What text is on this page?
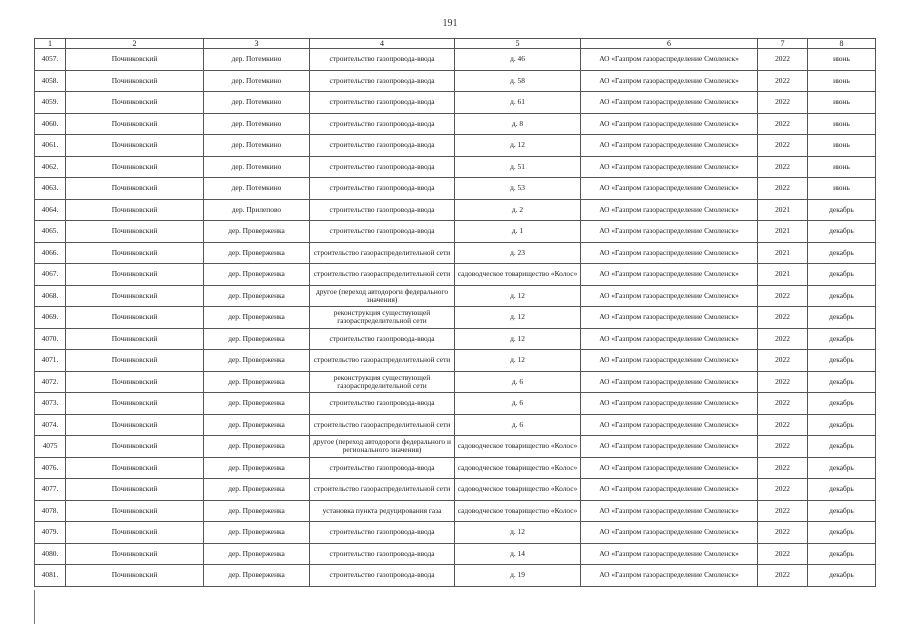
191
1	2	3	4	5	6	7	8
4057.	Починковский	дер. Потемкино	строительство газопровода-ввода	д. 46	АО «Газпром газораспределение Смоленск»	2022	июнь
4058.	Починковский	дер. Потемкино	строительство газопровода-ввода	д. 58	АО «Газпром газораспределение Смоленск»	2022	июнь
4059.	Починковский	дер. Потемкино	строительство газопровода-ввода	д. 61	АО «Газпром газораспределение Смоленск»	2022	июнь
4060.	Починковский	дер. Потемкино	строительство газопровода-ввода	д. 8	АО «Газпром газораспределение Смоленск»	2022	июнь
4061.	Починковский	дер. Потемкино	строительство газопровода-ввода	д. 12	АО «Газпром газораспределение Смоленск»	2022	июнь
4062.	Починковский	дер. Потемкино	строительство газопровода-ввода	д. 51	АО «Газпром газораспределение Смоленск»	2022	июнь
4063.	Починковский	дер. Потемкино	строительство газопровода-ввода	д. 53	АО «Газпром газораспределение Смоленск»	2022	июнь
4064.	Починковский	дер. Прилепово	строительство газопровода-ввода	д. 2	АО «Газпром газораспределение Смоленск»	2021	декабрь
4065.	Починковский	дер. Проверженка	строительство газопровода-ввода	д. 1	АО «Газпром газораспределение Смоленск»	2021	декабрь
4066.	Починковский	дер. Проверженка	строительство газораспределительной сети	д. 23	АО «Газпром газораспределение Смоленск»	2021	декабрь
4067.	Починковский	дер. Проверженка	строительство газораспределительной сети	садоводческое товарищество «Колос»	АО «Газпром газораспределение Смоленск»	2021	декабрь
4068.	Починковский	дер. Проверженка	другое (переход автодороги федерального значения)	д. 12	АО «Газпром газораспределение Смоленск»	2022	декабрь
4069.	Починковский	дер. Проверженка	реконструкция существующей газораспределительной сети	д. 12	АО «Газпром газораспределение Смоленск»	2022	декабрь
4070.	Починковский	дер. Проверженка	строительство газопровода-ввода	д. 12	АО «Газпром газораспределение Смоленск»	2022	декабрь
4071.	Починковский	дер. Проверженка	строительство газораспределительной сети	д. 12	АО «Газпром газораспределение Смоленск»	2022	декабрь
4072.	Починковский	дер. Проверженка	реконструкция существующей газораспределительной сети	д. 6	АО «Газпром газораспределение Смоленск»	2022	декабрь
4073.	Починковский	дер. Проверженка	строительство газопровода-ввода	д. 6	АО «Газпром газораспределение Смоленск»	2022	декабрь
4074.	Починковский	дер. Проверженка	строительство газораспределительной сети	д. 6	АО «Газпром газораспределение Смоленск»	2022	декабрь
4075	Починковский	дер. Проверженка	другое (переход автодороги федерального и регионального значения)	садоводческое товарищество «Колос»	АО «Газпром газораспределение Смоленск»	2022	декабрь
4076.	Починковский	дер. Проверженка	строительство газопровода-ввода	садоводческое товарищество «Колос»	АО «Газпром газораспределение Смоленск»	2022	декабрь
4077.	Починковский	дер. Проверженка	строительство газораспределительной сети	садоводческое товарищество «Колос»	АО «Газпром газораспределение Смоленск»	2022	декабрь
4078.	Починковский	дер. Проверженка	установка пункта редуцирования газа	садоводческое товарищество «Колос»	АО «Газпром газораспределение Смоленск»	2022	декабрь
4079.	Починковский	дер. Проверженка	строительство газопровода-ввода	д. 12	АО «Газпром газораспределение Смоленск»	2022	декабрь
4080.	Починковский	дер. Проверженка	строительство газопровода-ввода	д. 14	АО «Газпром газораспределение Смоленск»	2022	декабрь
4081.	Починковский	дер. Проверженка	строительство газопровода-ввода	д. 19	АО «Газпром газораспределение Смоленск»	2022	декабрь
